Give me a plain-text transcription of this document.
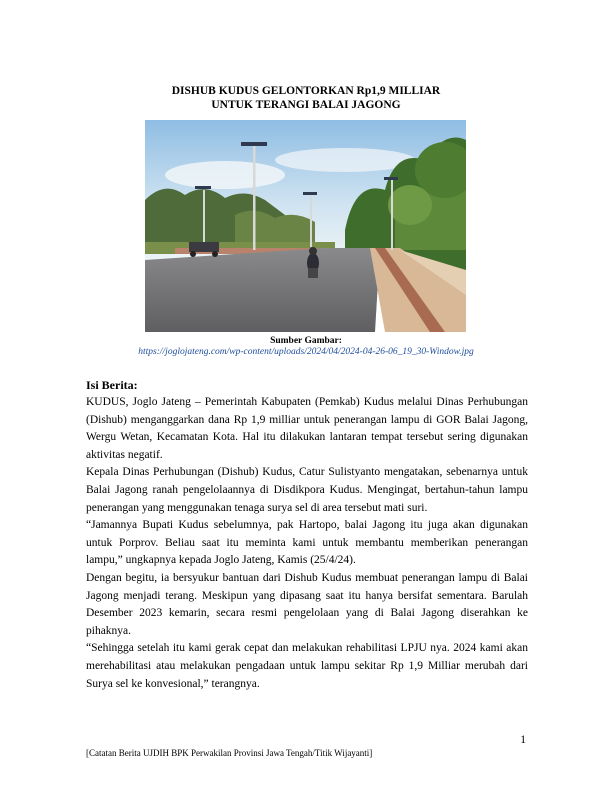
DISHUB KUDUS GELONTORKAN Rp1,9 MILLIAR
UNTUK TERANGI BALAI JAGONG
Sumber Gambar:
https://joglojateng.com/wp-content/uploads/2024/04/2024-04-26-06_19_30-Window.jpg
Isi Berita:

KUDUS, Joglo Jateng – Pemerintah Kabupaten (Pemkab) Kudus melalui Dinas Perhubungan (Dishub) menganggarkan dana Rp 1,9 milliar untuk penerangan lampu di GOR Balai Jagong, Wergu Wetan, Kecamatan Kota. Hal itu dilakukan lantaran tempat tersebut sering digunakan aktivitas negatif.

Kepala Dinas Perhubungan (Dishub) Kudus, Catur Sulistyanto mengatakan, sebenarnya untuk Balai Jagong ranah pengelolaannya di Disdikpora Kudus. Mengingat, bertahun-tahun lampu penerangan yang menggunakan tenaga surya sel di area tersebut mati suri.

“Jamannya Bupati Kudus sebelumnya, pak Hartopo, balai Jagong itu juga akan digunakan untuk Porprov. Beliau saat itu meminta kami untuk membantu memberikan penerangan lampu,” ungkapnya kepada Joglo Jateng, Kamis (25/4/24).

Dengan begitu, ia bersyukur bantuan dari Dishub Kudus membuat penerangan lampu di Balai Jagong menjadi terang. Meskipun yang dipasang saat itu hanya bersifat sementara. Barulah Desember 2023 kemarin, secara resmi pengelolaan yang di Balai Jagong diserahkan ke pihaknya.

“Sehingga setelah itu kami gerak cepat dan melakukan rehabilitasi LPJU nya. 2024 kami akan merehabilitasi atau melakukan pengadaan untuk lampu sekitar Rp 1,9 Milliar merubah dari Surya sel ke konvesional,” terangnya.

1
[Catatan Berita UJDIH BPK Perwakilan Provinsi Jawa Tengah/Titik Wijayanti]
